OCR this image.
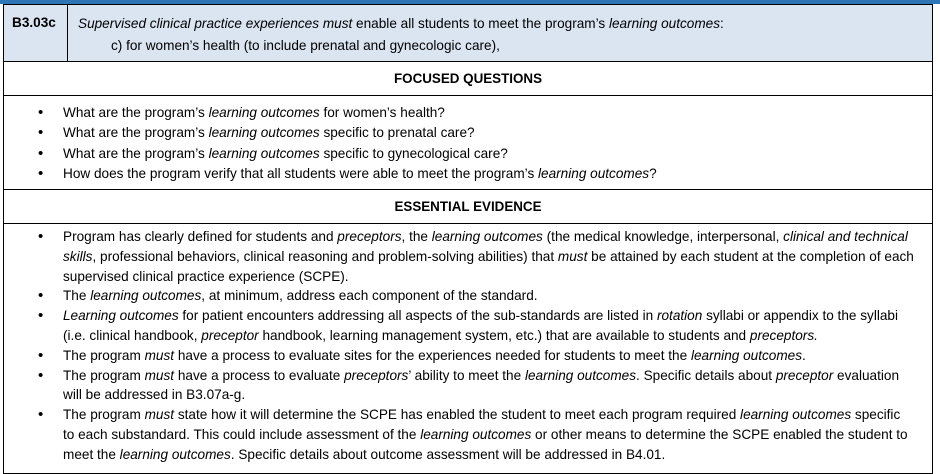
B3.03c	Supervised clinical practice experiences must enable all students to meet the program’s learning outcomes:
c) for women’s health (to include prenatal and gynecologic care),
FOCUSED QUESTIONS
• What are the program’s learning outcomes for women’s health?
• What are the program’s learning outcomes specific to prenatal care?
• What are the program’s learning outcomes specific to gynecological care?
• How does the program verify that all students were able to meet the program’s learning outcomes?
ESSENTIAL EVIDENCE
• Program has clearly defined for students and preceptors, the learning outcomes (the medical knowledge, interpersonal, clinical and technical skills, professional behaviors, clinical reasoning and problem-solving abilities) that must be attained by each student at the completion of each supervised clinical practice experience (SCPE).
• The learning outcomes, at minimum, address each component of the standard.
• Learning outcomes for patient encounters addressing all aspects of the sub-standards are listed in rotation syllabi or appendix to the syllabi (i.e. clinical handbook, preceptor handbook, learning management system, etc.) that are available to students and preceptors.
• The program must have a process to evaluate sites for the experiences needed for students to meet the learning outcomes.
• The program must have a process to evaluate preceptors’ ability to meet the learning outcomes. Specific details about preceptor evaluation will be addressed in B3.07a-g.
• The program must state how it will determine the SCPE has enabled the student to meet each program required learning outcomes specific to each substandard. This could include assessment of the learning outcomes or other means to determine the SCPE enabled the student to meet the learning outcomes. Specific details about outcome assessment will be addressed in B4.01.
